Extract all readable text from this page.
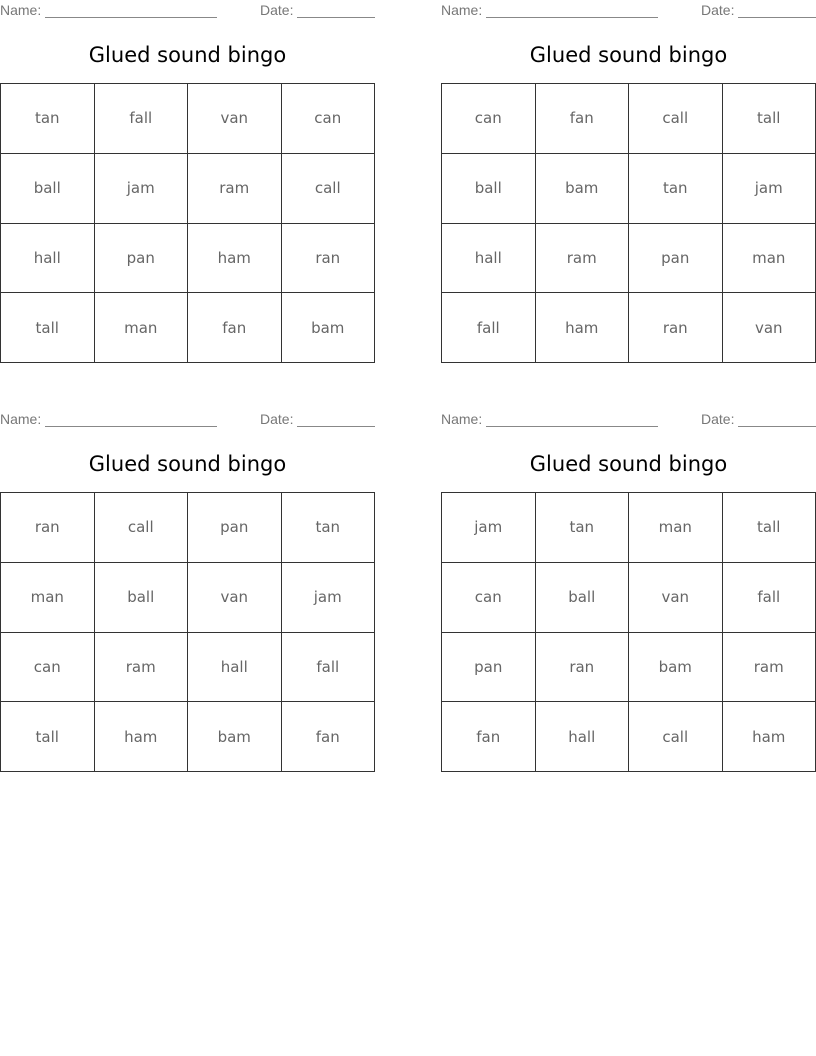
Name:	Date:
Glued sound bingo
tan	fall	van	can
ball	jam	ram	call
hall	pan	ham	ran
tall	man	fan	bam
Name:	Date:
Glued sound bingo
can	fan	call	tall
ball	bam	tan	jam
hall	ram	pan	man
fall	ham	ran	van
Name:	Date:
Glued sound bingo
ran	call	pan	tan
man	ball	van	jam
can	ram	hall	fall
tall	ham	bam	fan
Name:	Date:
Glued sound bingo
jam	tan	man	tall
can	ball	van	fall
pan	ran	bam	ram
fan	hall	call	ham
